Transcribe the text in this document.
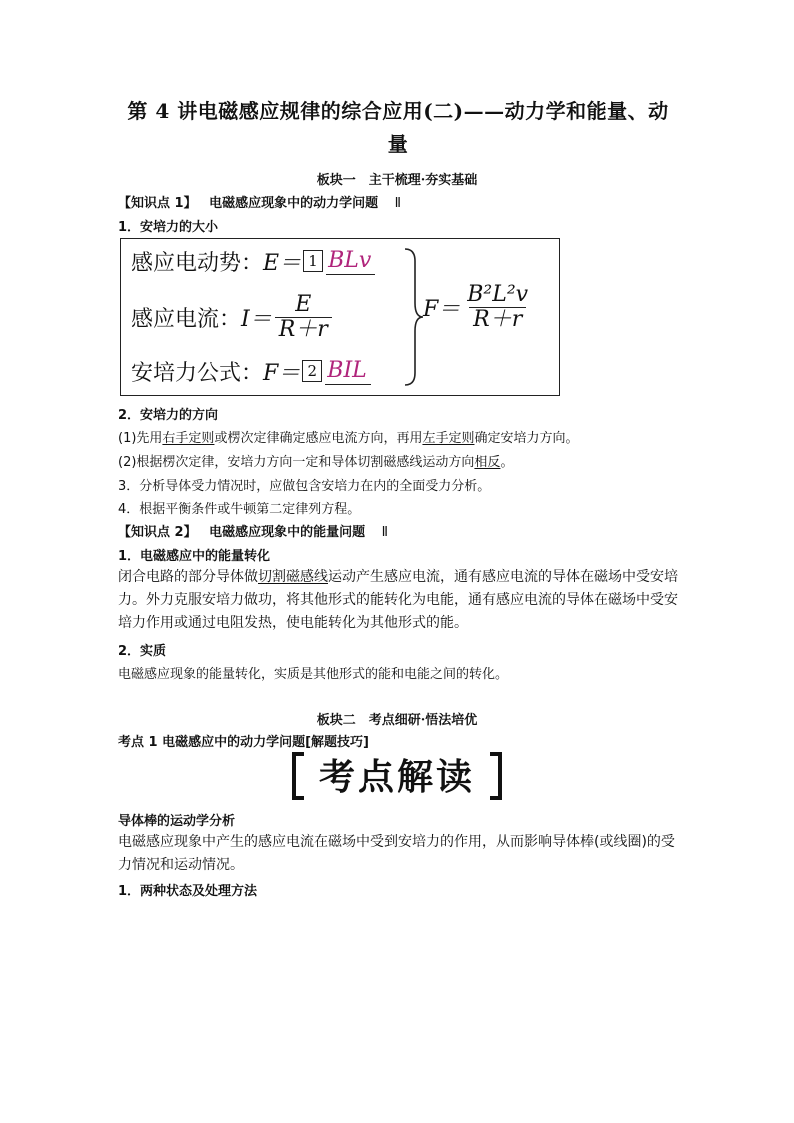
第 4 讲电磁感应规律的综合应用(二)——动力学和能量、动量
板块一　主干梳理·夯实基础
【知识点 1】 电磁感应现象中的动力学问题 Ⅱ
1．安培力的大小
感应电动势： E＝ 1 BLv
感应电流： $I= \frac{E}{R+r}$
安培力公式： F＝ 2 BIL
$F= \frac{\text{B²L²v}}{R+r}$
2．安培力的方向
(1)先用右手定则或楞次定律确定感应电流方向，再用左手定则确定安培力方向。
(2)根据楞次定律，安培力方向一定和导体切割磁感线运动方向相反。
3．分析导体受力情况时，应做包含安培力在内的全面受力分析。
4．根据平衡条件或牛顿第二定律列方程。
【知识点 2】 电磁感应现象中的能量问题 Ⅱ
1．电磁感应中的能量转化
闭合电路的部分导体做切割磁感线运动产生感应电流，通有感应电流的导体在磁场中受安培力。外力克服安培力做功，将其他形式的能转化为电能，通有感应电流的导体在磁场中受安培力作用或通过电阻发热，使电能转化为其他形式的能。
2．实质
电磁感应现象的能量转化，实质是其他形式的能和电能之间的转化。
板块二　考点细研·悟法培优
考点 1 电磁感应中的动力学问题[解题技巧]
考点解读
导体棒的运动学分析
电磁感应现象中产生的感应电流在磁场中受到安培力的作用，从而影响导体棒(或线圈)的受力情况和运动情况。
1．两种状态及处理方法
